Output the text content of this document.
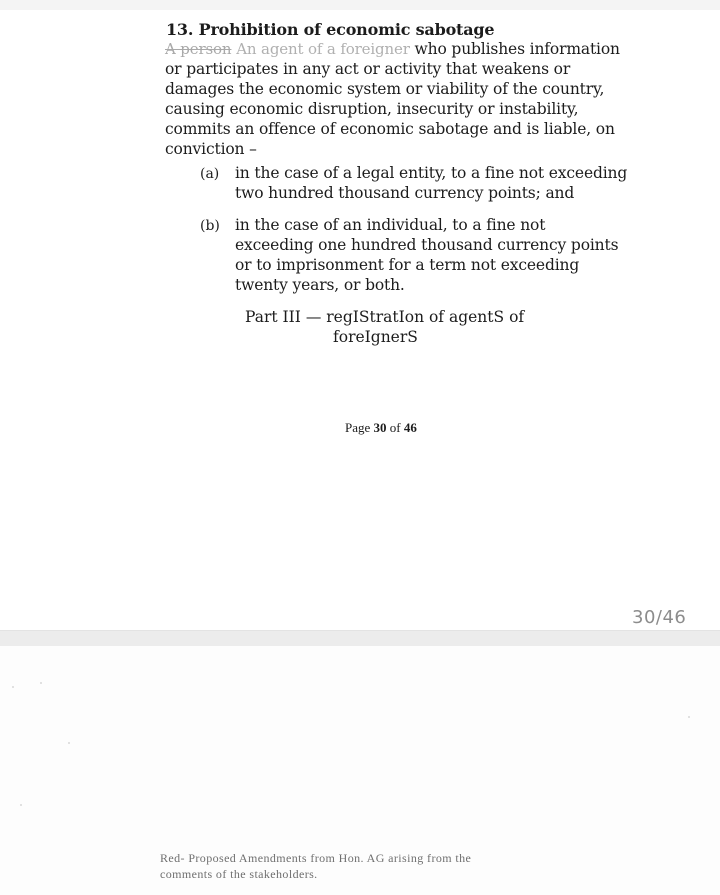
13. Prohibition of economic sabotage
A person An agent of a foreigner who publishes information
or participates in any act or activity that weakens or
damages the economic system or viability of the country,
causing economic disruption, insecurity or instability,
commits an offence of economic sabotage and is liable, on
conviction –
(a) in the case of a legal entity, to a fine not exceeding
two hundred thousand currency points; and
(b) in the case of an individual, to a fine not
exceeding one hundred thousand currency points
or to imprisonment for a term not exceeding
twenty years, or both.
Part III — regIStratIon of agentS of
foreIgnerS
Page 30 of 46
30/46
Red- Proposed Amendments from Hon. AG arising from the
comments of the stakeholders.
